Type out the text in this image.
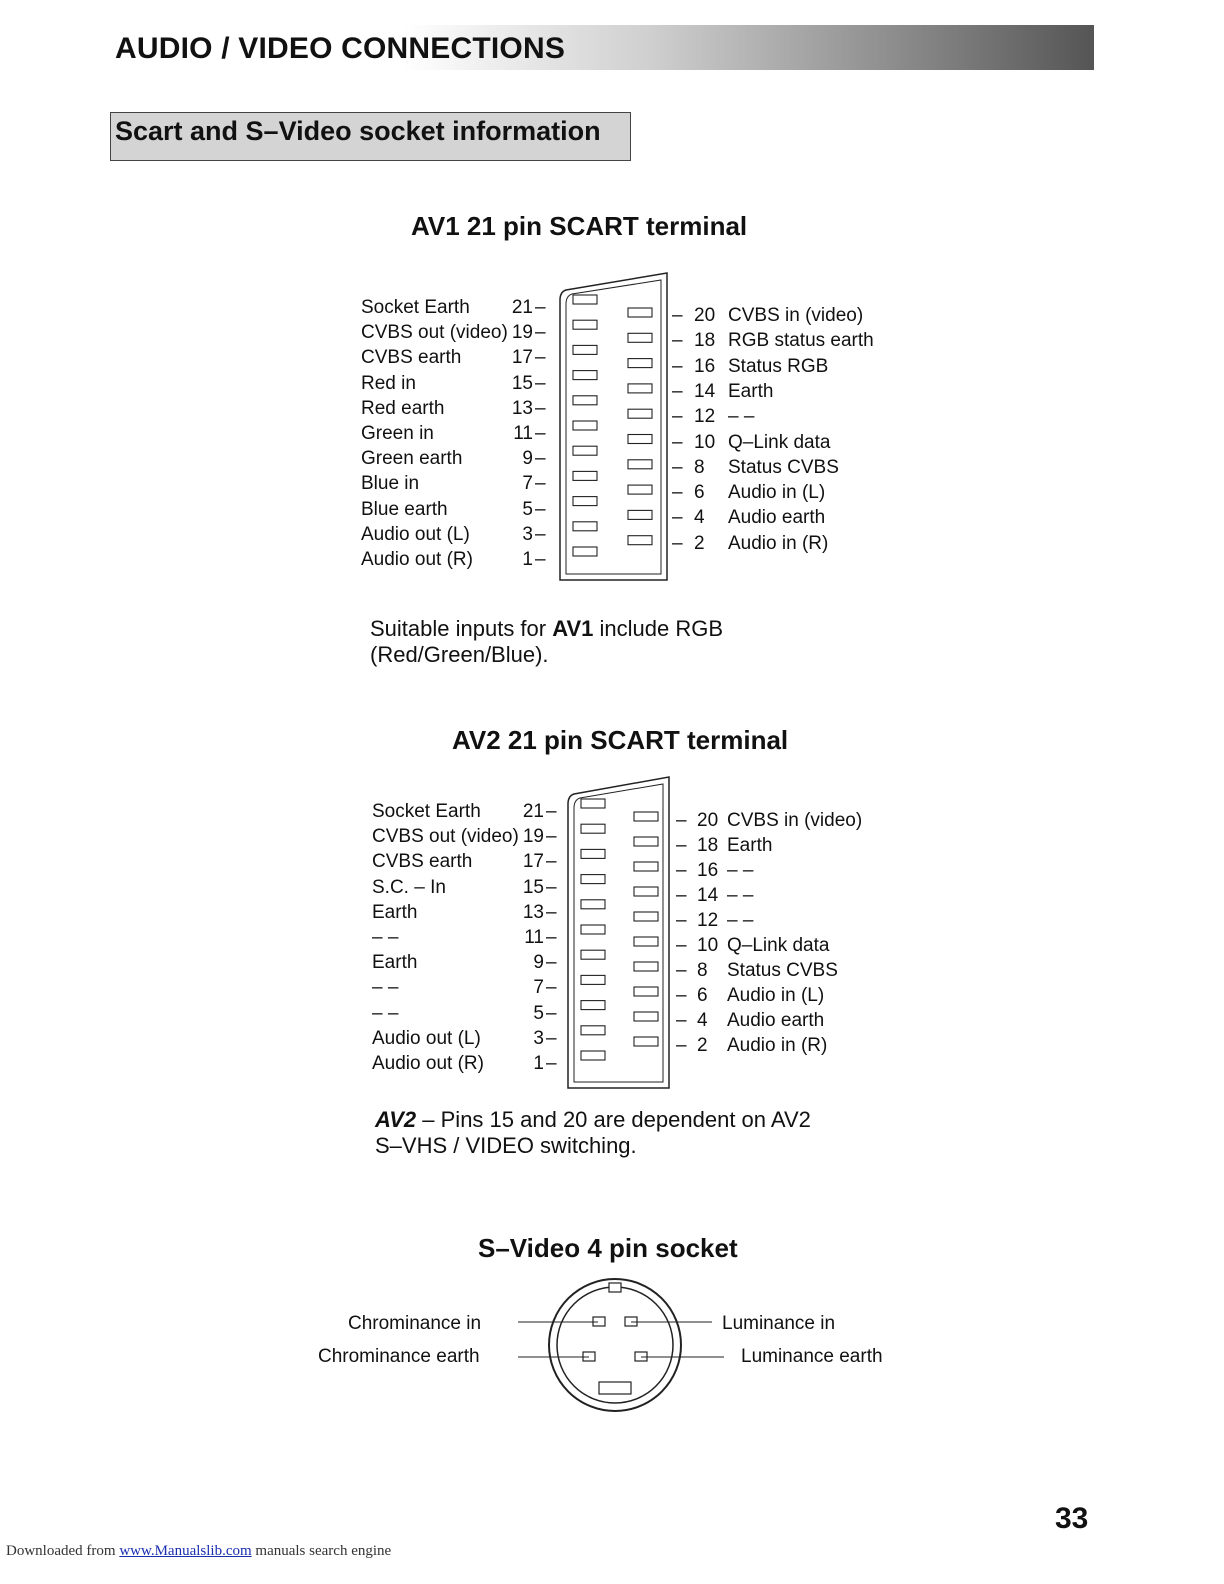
AUDIO / VIDEO CONNECTIONS
Scart and S–Video socket information
AV1 21 pin SCART terminal
Socket Earth 21 –
CVBS out (video) 19 –
CVBS earth	17 –
Red in	15 –
Red earth	13 –
Green in	11 –
Green earth	9 –
Blue in	7 –
Blue earth	5 –
Audio out (L)	3 –
Audio out (R)	1 –
– 20 CVBS in (video)
– 18 RGB status earth
– 16 Status RGB
– 14 Earth
– 12 – –
– 10 Q–Link data
– 8 Status CVBS
– 6 Audio in (L)
– 4 Audio earth
– 2 Audio in (R)
Suitable inputs for AV1 include RGB
(Red/Green/Blue).
AV2 21 pin SCART terminal
Socket Earth 21 –
CVBS out (video) 19 –
CVBS earth	17 –
S.C. – In	15 –
Earth	13 –
– –	11 –
Earth	9 –
– –	7 –
– –	5 –
Audio out (L)	3 –
Audio out (R)	1 –
– 20 CVBS in (video)
– 18 Earth
– 16 – –
– 14 – –
– 12 – –
– 10 Q–Link data
– 8 Status CVBS
– 6 Audio in (L)
– 4 Audio earth
– 2 Audio in (R)
AV2 – Pins 15 and 20 are dependent on AV2
S–VHS / VIDEO switching.
S–Video 4 pin socket
Chrominance in
Chrominance earth
Luminance in
Luminance earth
33
Downloaded from www.Manualslib.com manuals search engine
